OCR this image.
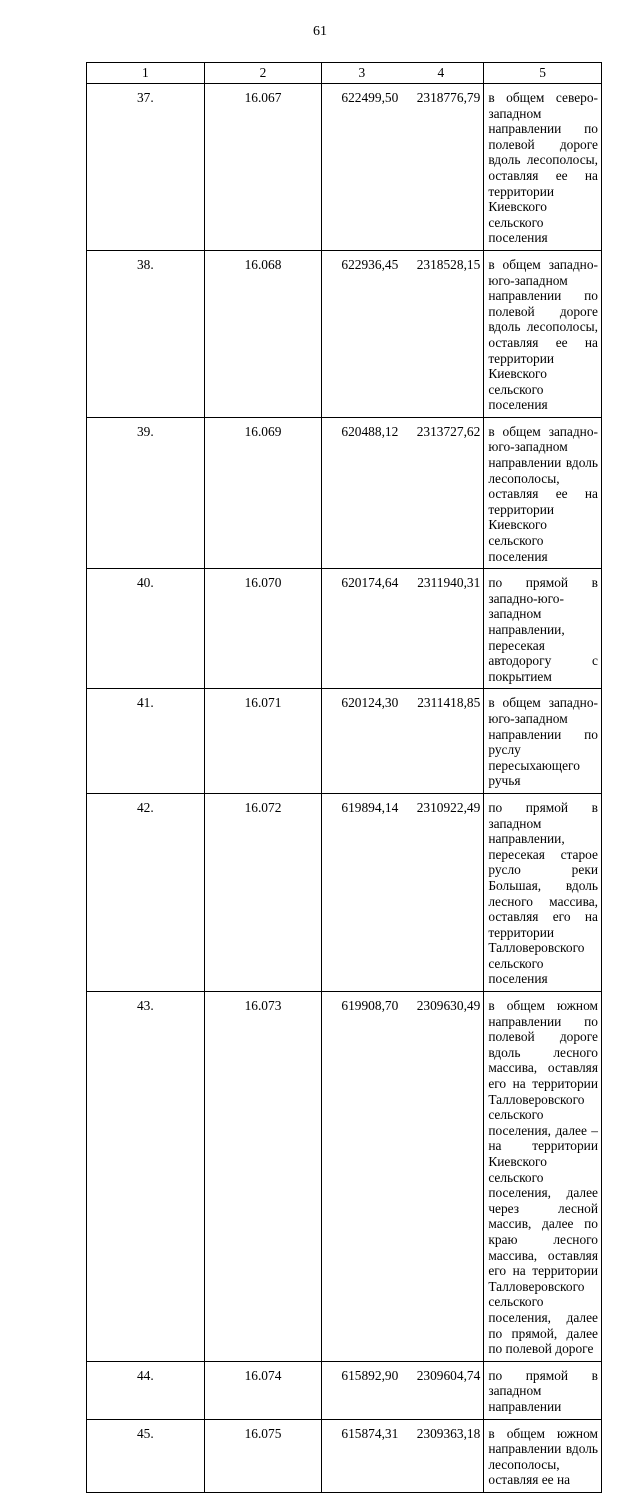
61
1	2	3 4	5
37.	16.067	622499,50 2318776,79	в общем северо-западном направлении по полевой дороге вдоль лесополосы, оставляя ее на территории Киевского сельского поселения
38.	16.068	622936,45 2318528,15	в общем западно-юго-западном направлении по полевой дороге вдоль лесополосы, оставляя ее на территории Киевского сельского поселения
39.	16.069	620488,12 2313727,62	в общем западно-юго-западном направлении вдоль лесополосы, оставляя ее на территории Киевского сельского поселения
40.	16.070	620174,64 2311940,31	по прямой в западно-юго-западном направлении, пересекая автодорогу с покрытием
41.	16.071	620124,30 2311418,85	в общем западно-юго-западном направлении по руслу пересыхающего ручья
42.	16.072	619894,14 2310922,49	по прямой в западном направлении, пересекая старое русло реки Большая, вдоль лесного массива, оставляя его на территории Талловеровского сельского поселения
43.	16.073	619908,70 2309630,49	в общем южном направлении по полевой дороге вдоль лесного массива, оставляя его на территории Талловеровского сельского поселения, далее – на территории Киевского сельского поселения, далее через лесной массив, далее по краю лесного массива, оставляя его на территории Талловеровского сельского поселения, далее по прямой, далее по полевой дороге
44.	16.074	615892,90 2309604,74	по прямой в западном направлении
45.	16.075	615874,31 2309363,18	в общем южном направлении вдоль лесополосы, оставляя ее на
